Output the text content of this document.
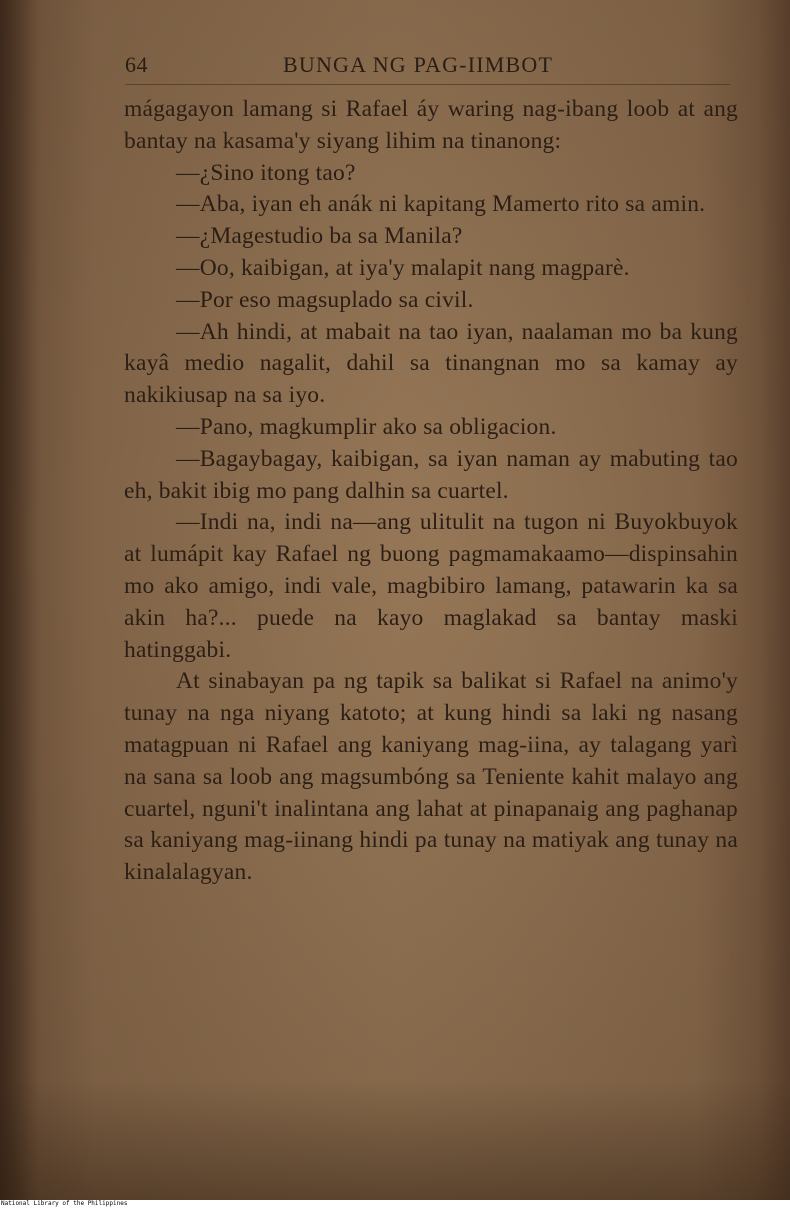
64	BUNGA NG PAG-IIMBOT

mágagayon lamang si Rafael áy waring nag-ibang loob at ang bantay na kasama'y siyang lihim na tinanong:

—¿Sino itong tao?

—Aba, iyan eh anák ni kapitang Mamerto rito sa amin.

—¿Magestudio ba sa Manila?

—Oo, kaibigan, at iya'y malapit nang magparè.

—Por eso magsuplado sa civil.

—Ah hindi, at mabait na tao iyan, naalaman mo ba kung kayâ medio nagalit, dahil sa tinangnan mo sa kamay ay nakikiusap na sa iyo.

—Pano, magkumplir ako sa obligacion.

—Bagaybagay, kaibigan, sa iyan naman ay mabuting tao eh, bakit ibig mo pang dalhin sa cuartel.

—Indi na, indi na—ang ulitulit na tugon ni Buyokbuyok at lumápit kay Rafael ng buong pagmamakaamo—dispinsahin mo ako amigo, indi vale, magbibiro lamang, patawarin ka sa akin ha?... puede na kayo maglakad sa bantay maski hatinggabi.

At sinabayan pa ng tapik sa balikat si Rafael na animo'y tunay na nga niyang katoto; at kung hindi sa laki ng nasang matagpuan ni Rafael ang kaniyang mag-iina, ay talagang yarì na sana sa loob ang magsumbóng sa Teniente kahit malayo ang cuartel, nguni't inalintana ang lahat at pinapanaig ang paghanap sa kaniyang mag-iinang hindi pa tunay na matiyak ang tunay na kinalalagyan.

National Library of the Philippines
